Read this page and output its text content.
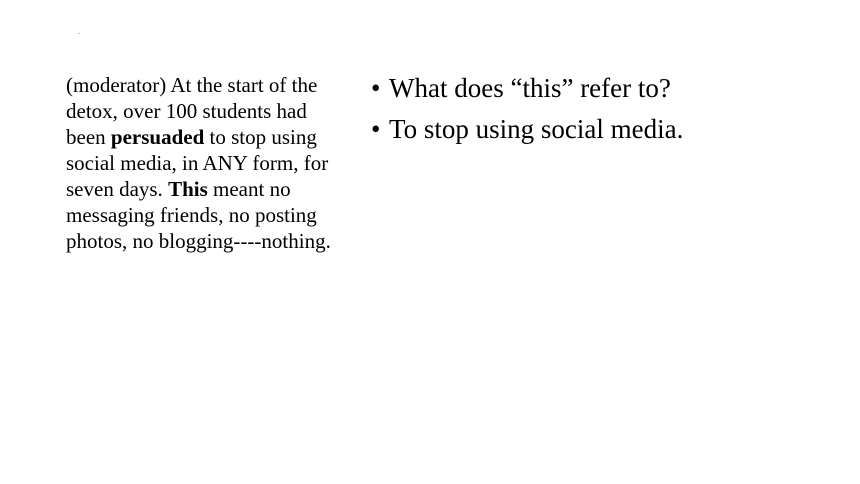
.
(moderator) At the start of the detox, over 100 students had been persuaded to stop using social media, in ANY form, for seven days. This meant no messaging friends, no posting photos, no blogging----nothing.
• What does “this” refer to?
• To stop using social media.
